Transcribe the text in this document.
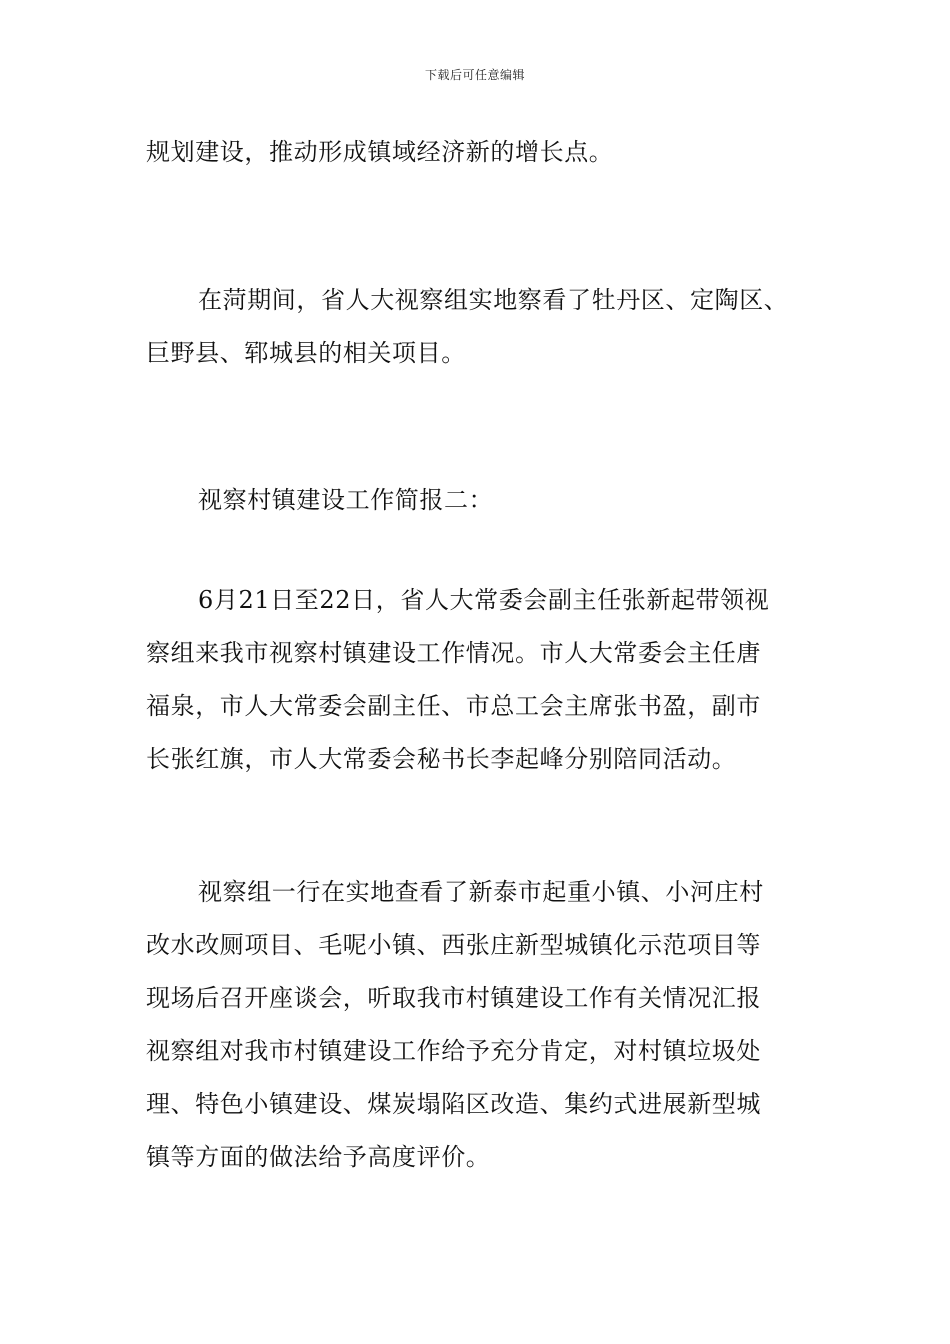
下载后可任意编辑

规划建设，推动形成镇域经济新的增长点。

在菏期间，省人大视察组实地察看了牡丹区、定陶区、
巨野县、郓城县的相关项目。

视察村镇建设工作简报二：

6月21日至22日，省人大常委会副主任张新起带领视
察组来我市视察村镇建设工作情况。市人大常委会主任唐
福泉，市人大常委会副主任、市总工会主席张书盈，副市
长张红旗，市人大常委会秘书长李起峰分别陪同活动。

视察组一行在实地查看了新泰市起重小镇、小河庄村
改水改厕项目、毛呢小镇、西张庄新型城镇化示范项目等
现场后召开座谈会，听取我市村镇建设工作有关情况汇报
视察组对我市村镇建设工作给予充分肯定，对村镇垃圾处
理、特色小镇建设、煤炭塌陷区改造、集约式进展新型城
镇等方面的做法给予高度评价。
